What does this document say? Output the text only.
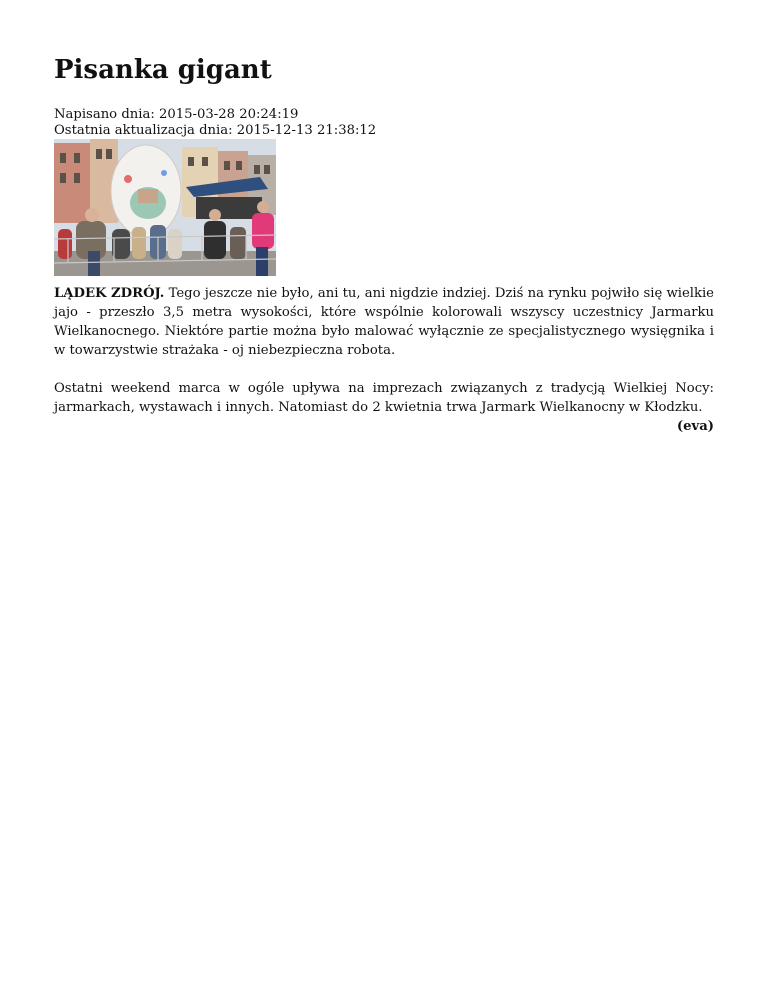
Pisanka gigant
Napisano dnia: 2015-03-28 20:24:19
Ostatnia aktualizacja dnia: 2015-12-13 21:38:12

LĄDEK ZDRÓJ. Tego jeszcze nie było, ani tu, ani nigdzie indziej. Dziś na rynku pojwiło się wielkie jajo - przeszło 3,5 metra wysokości, które wspólnie kolorowali wszyscy uczestnicy Jarmarku Wielkanocnego. Niektóre partie można było malować wyłącznie ze specjalistycznego wysięgnika i w towarzystwie strażaka - oj niebezpieczna robota.

Ostatni weekend marca w ogóle upływa na imprezach związanych z tradycją Wielkiej Nocy: jarmarkach, wystawach i innych. Natomiast do 2 kwietnia trwa Jarmark Wielkanocny w Kłodzku.

(eva)
